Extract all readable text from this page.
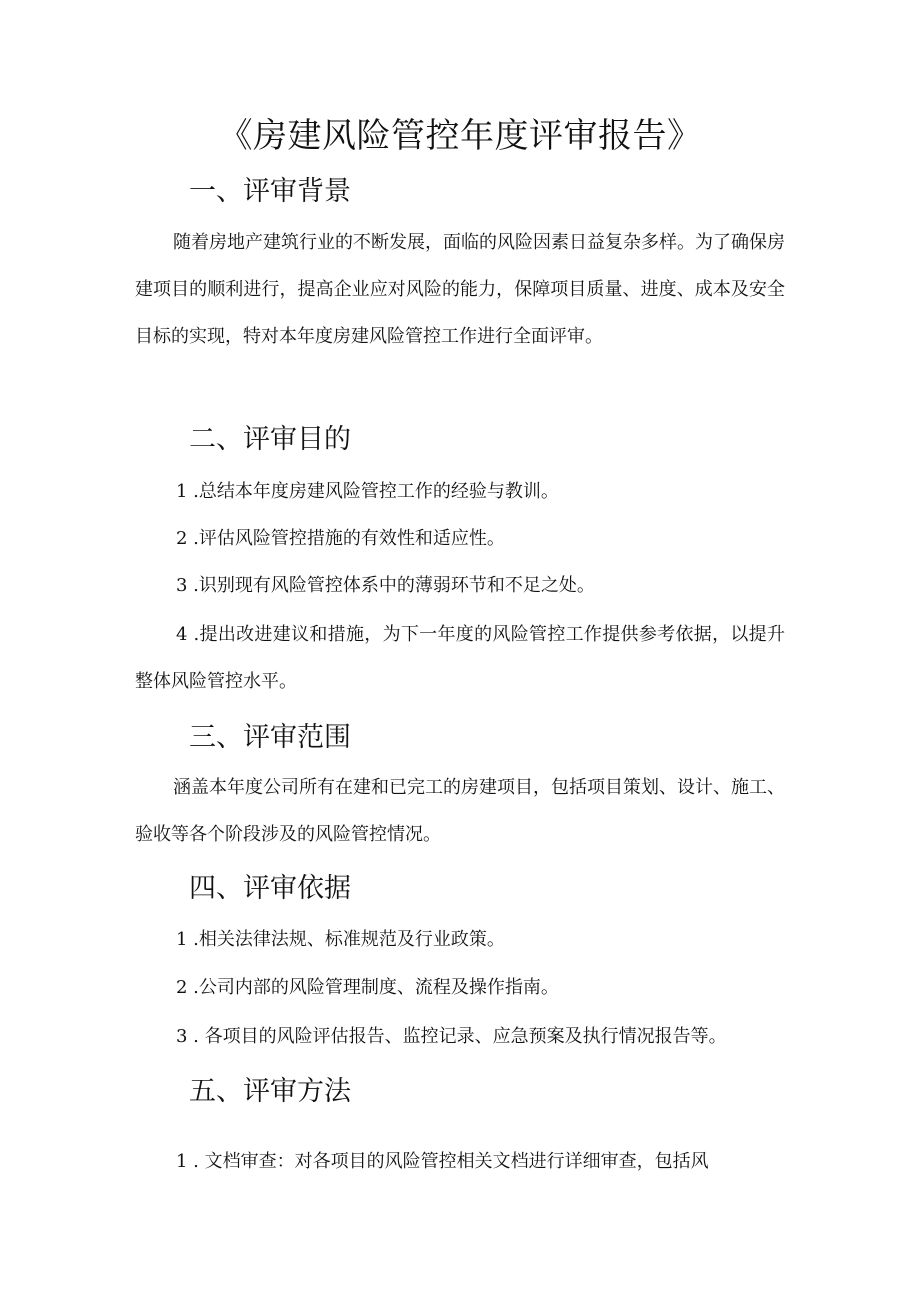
《房建风险管控年度评审报告》
一、评审背景
随着房地产建筑行业的不断发展，面临的风险因素日益复杂多样。为了确保房建项目的顺利进行，提高企业应对风险的能力，保障项目质量、进度、成本及安全目标的实现，特对本年度房建风险管控工作进行全面评审。
二、评审目的
1 .总结本年度房建风险管控工作的经验与教训。
2 .评估风险管控措施的有效性和适应性。
3 .识别现有风险管控体系中的薄弱环节和不足之处。
4 .提出改进建议和措施，为下一年度的风险管控工作提供参考依据，以提升整体风险管控水平。
三、评审范围
涵盖本年度公司所有在建和已完工的房建项目，包括项目策划、设计、施工、验收等各个阶段涉及的风险管控情况。
四、评审依据
1 .相关法律法规、标准规范及行业政策。
2 .公司内部的风险管理制度、流程及操作指南。
3 . 各项目的风险评估报告、监控记录、应急预案及执行情况报告等。
五、评审方法
1 . 文档审查：对各项目的风险管控相关文档进行详细审查，包括风
